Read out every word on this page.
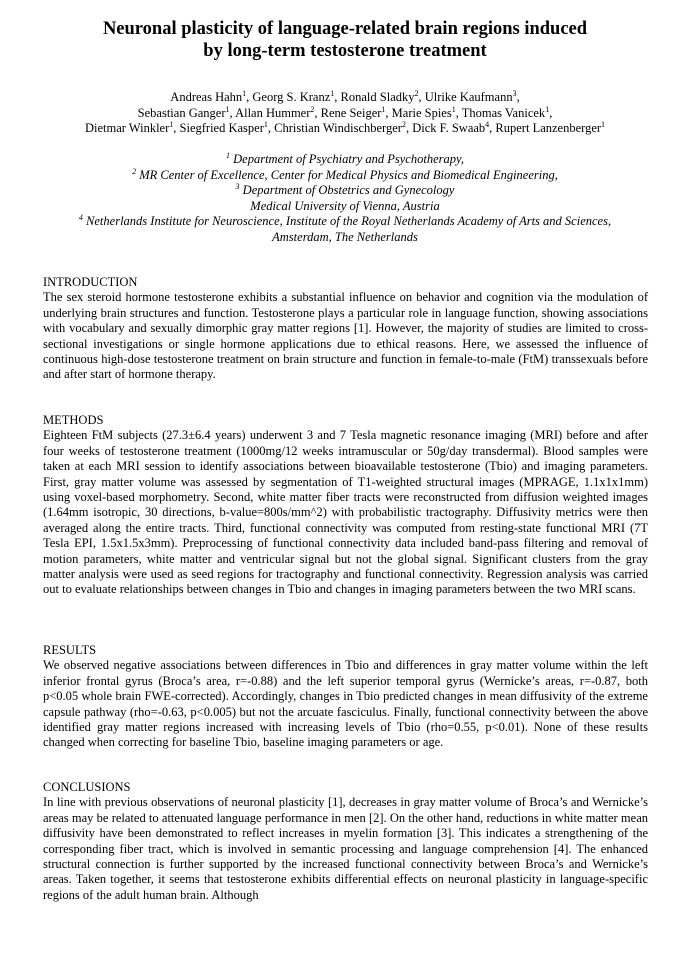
Neuronal plasticity of language-related brain regions induced
by long-term testosterone treatment
Andreas Hahn$^1$, Georg S. Kranz$^1$, Ronald Sladky$^2$, Ulrike Kaufmann$^3$,
Sebastian Ganger$^1$, Allan Hummer$^2$, Rene Seiger$^1$, Marie Spies$^1$, Thomas Vanicek$^1$,
Dietmar Winkler$^1$, Siegfried Kasper$^1$, Christian Windischberger$^2$, Dick F. Swaab$^4$, Rupert Lanzenberger$^1$
$^1$ Department of Psychiatry and Psychotherapy,
$^2$ MR Center of Excellence, Center for Medical Physics and Biomedical Engineering,
$^3$ Department of Obstetrics and Gynecology
Medical University of Vienna, Austria
$^4$ Netherlands Institute for Neuroscience, Institute of the Royal Netherlands Academy of Arts and Sciences,
Amsterdam, The Netherlands
INTRODUCTION

The sex steroid hormone testosterone exhibits a substantial influence on behavior and cognition via the modulation of underlying brain structures and function. Testosterone plays a particular role in language function, showing associations with vocabulary and sexually dimorphic gray matter regions [1]. However, the majority of studies are limited to cross-sectional investigations or single hormone applications due to ethical reasons. Here, we assessed the influence of continuous high-dose testosterone treatment on brain structure and function in female-to-male (FtM) transsexuals before and after start of hormone therapy.

METHODS

Eighteen FtM subjects (27.3±6.4 years) underwent 3 and 7 Tesla magnetic resonance imaging (MRI) before and after four weeks of testosterone treatment (1000mg/12 weeks intramuscular or 50g/day transdermal). Blood samples were taken at each MRI session to identify associations between bioavailable testosterone (Tbio) and imaging parameters. First, gray matter volume was assessed by segmentation of T1-weighted structural images (MPRAGE, 1.1x1x1mm) using voxel-based morphometry. Second, white matter fiber tracts were reconstructed from diffusion weighted images (1.64mm isotropic, 30 directions, b-value=800s/mm^2) with probabilistic tractography. Diffusivity metrics were then averaged along the entire tracts. Third, functional connectivity was computed from resting-state functional MRI (7T Tesla EPI, 1.5x1.5x3mm). Preprocessing of functional connectivity data included band-pass filtering and removal of motion parameters, white matter and ventricular signal but not the global signal. Significant clusters from the gray matter analysis were used as seed regions for tractography and functional connectivity. Regression analysis was carried out to evaluate relationships between changes in Tbio and changes in imaging parameters between the two MRI scans.

RESULTS

We observed negative associations between differences in Tbio and differences in gray matter volume within the left inferior frontal gyrus (Broca’s area, r=-0.88) and the left superior temporal gyrus (Wernicke’s areas, r=-0.87, both p<0.05 whole brain FWE-corrected). Accordingly, changes in Tbio predicted changes in mean diffusivity of the extreme capsule pathway (rho=-0.63, p<0.005) but not the arcuate fasciculus. Finally, functional connectivity between the above identified gray matter regions increased with increasing levels of Tbio (rho=0.55, p<0.01). None of these results changed when correcting for baseline Tbio, baseline imaging parameters or age.

CONCLUSIONS

In line with previous observations of neuronal plasticity [1], decreases in gray matter volume of Broca’s and Wernicke’s areas may be related to attenuated language performance in men [2]. On the other hand, reductions in white matter mean diffusivity have been demonstrated to reflect increases in myelin formation [3]. This indicates a strengthening of the corresponding fiber tract, which is involved in semantic processing and language comprehension [4]. The enhanced structural connection is further supported by the increased functional connectivity between Broca’s and Wernicke’s areas. Taken together, it seems that testosterone exhibits differential effects on neuronal plasticity in language-specific regions of the adult human brain. Although
